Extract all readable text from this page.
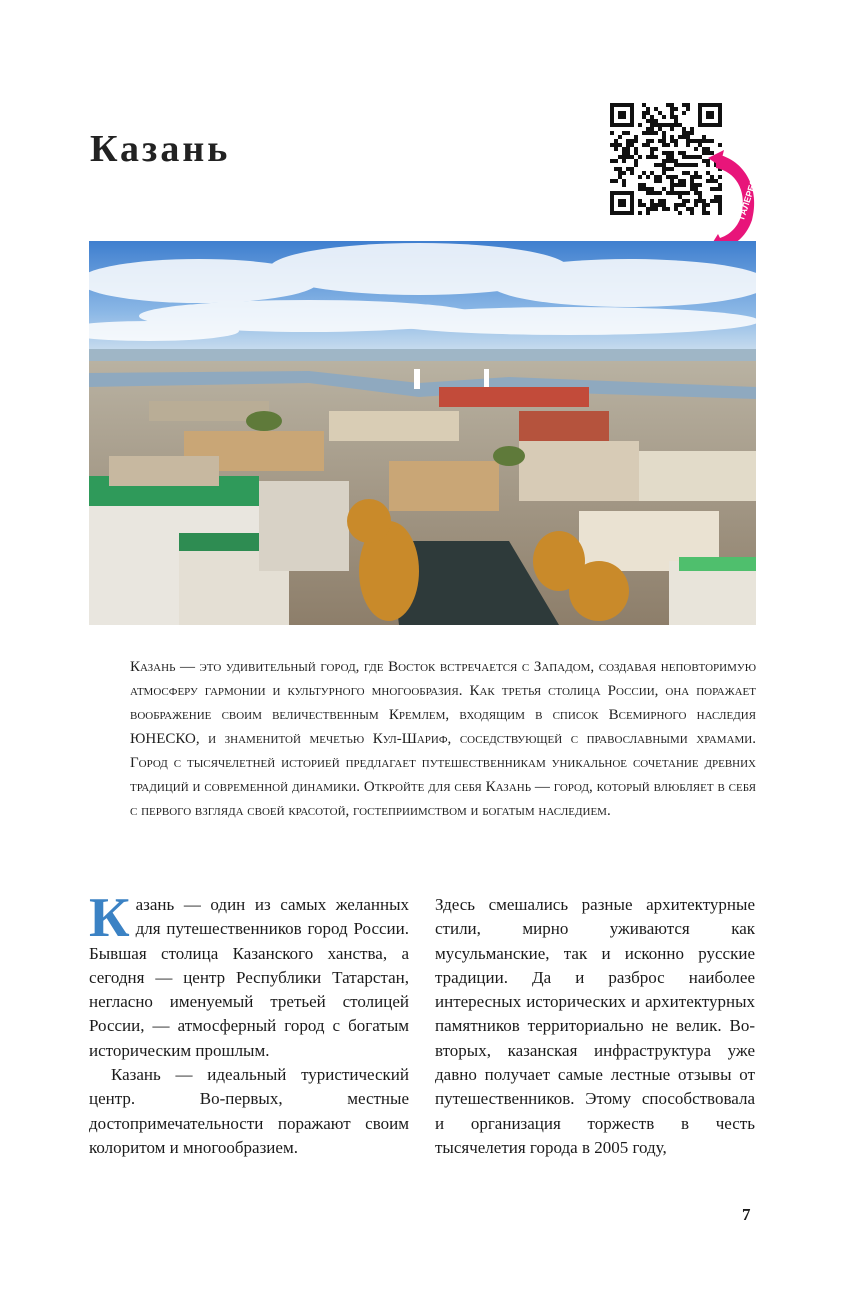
Казань
ГАЛЕРЕЯ

Казань — это удивительный город, где Восток встречается с Западом, создавая неповторимую атмосферу гармонии и культурного многообразия. Как третья столица России, она поражает воображение своим величественным Кремлем, входящим в список Всемирного наследия ЮНЕСКО, и знаменитой мечетью Кул-Шариф, соседствующей с православными храмами. Город с тысячелетней историей предлагает путешественникам уникальное сочетание древних традиций и современной динамики. Откройте для себя Казань — город, который влюбляет в себя с первого взгляда своей красотой, гостеприимством и богатым наследием.

Казань — один из самых желанных для путешественников город России. Бывшая столица Казанского ханства, а сегодня — центр Республики Татарстан, негласно именуемый третьей столицей России, — атмосферный город с богатым историческим прошлым.

Казань — идеальный туристический центр. Во-первых, местные достопримечательности поражают своим колоритом и многообразием.

Здесь смешались разные архитектурные стили, мирно уживаются как мусульманские, так и исконно русские традиции. Да и разброс наиболее интересных исторических и архитектурных памятников территориально не велик. Во-вторых, казанская инфраструктура уже давно получает самые лестные отзывы от путешественников. Этому способствовала и организация торжеств в честь тысячелетия города в 2005 году,

7
